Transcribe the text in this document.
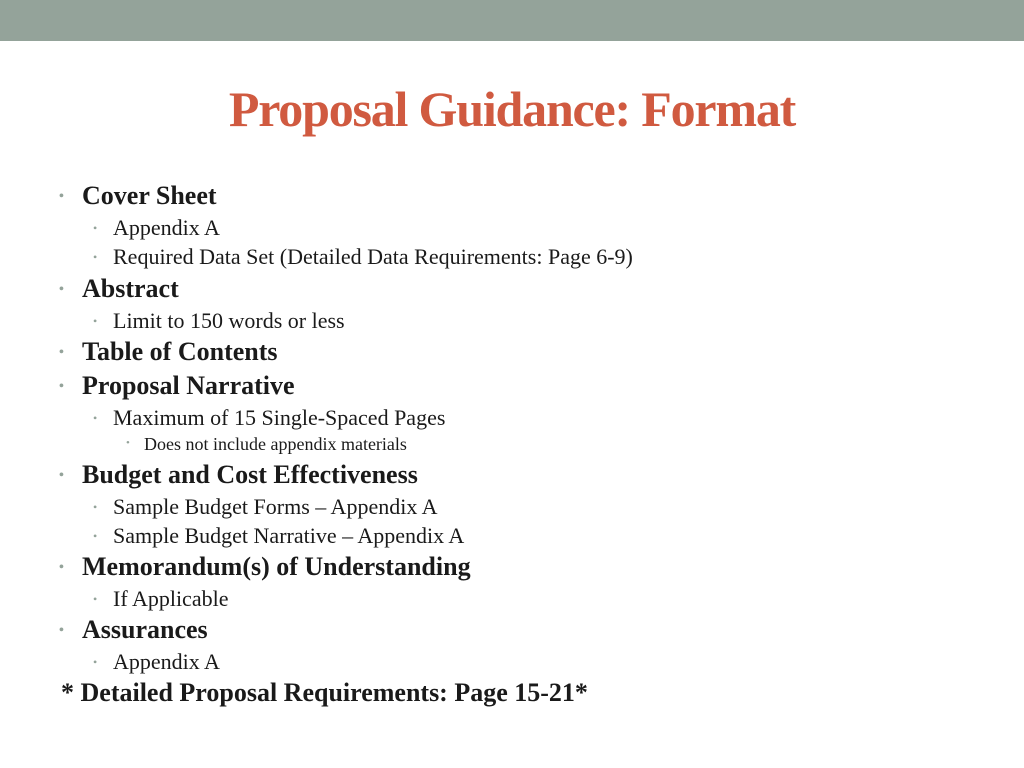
Proposal Guidance: Format
• Cover Sheet
• Appendix A
• Required Data Set (Detailed Data Requirements: Page 6-9)
• Abstract
• Limit to 150 words or less
• Table of Contents
• Proposal Narrative
• Maximum of 15 Single-Spaced Pages
• Does not include appendix materials
• Budget and Cost Effectiveness
• Sample Budget Forms – Appendix A
• Sample Budget Narrative – Appendix A
• Memorandum(s) of Understanding
• If Applicable
• Assurances
• Appendix A
* Detailed Proposal Requirements: Page 15-21*
